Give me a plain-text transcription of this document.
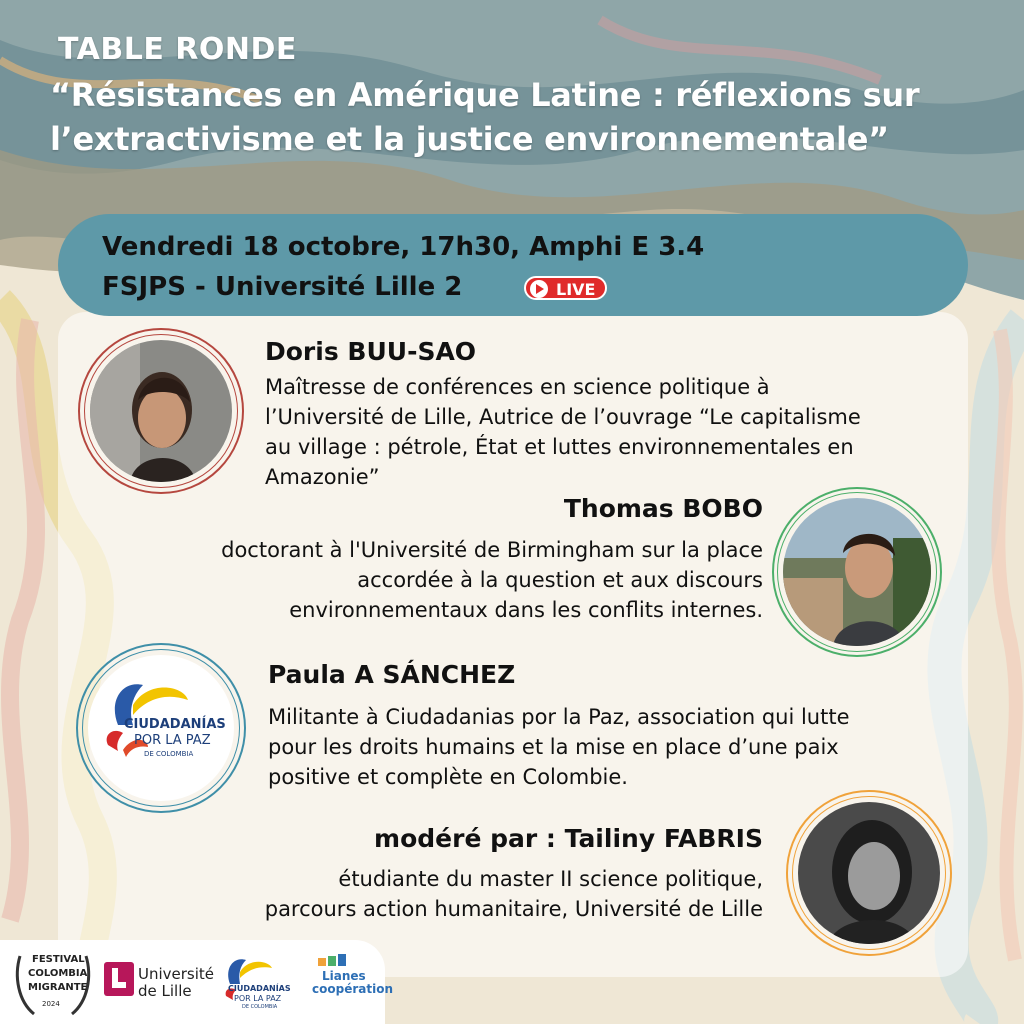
TABLE RONDE
“Résistances en Amérique Latine : réflexions sur
l’extractivisme et la justice environnementale”
Vendredi 18 octobre, 17h30, Amphi E 3.4
FSJPS - Université Lille 2	LIVE
Doris BUU-SAO
Maîtresse de conférences en science politique à
l’Université de Lille, Autrice de l’ouvrage “Le capitalisme
au village : pétrole, État et luttes environnementales en
Amazonie”
Thomas BOBO
doctorant à l'Université de Birmingham sur la place
accordée à la question et aux discours
environnementaux dans les conflits internes.
CIUDADANÍAS
POR LA PAZ
DE COLOMBIA
Paula A SÁNCHEZ
Militante à Ciudadanias por la Paz, association qui lutte
pour les droits humains et la mise en place d’une paix
positive et complète en Colombie.
modéré par : Tailiny FABRIS
étudiante du master II science politique,
parcours action humanitaire, Université de Lille
FESTIVAL
COLOMBIA
MIGRANTE
2024
Université
de Lille	CIUDADANÍAS
POR LA PAZ
DE COLOMBIA
Lianes
coopération
